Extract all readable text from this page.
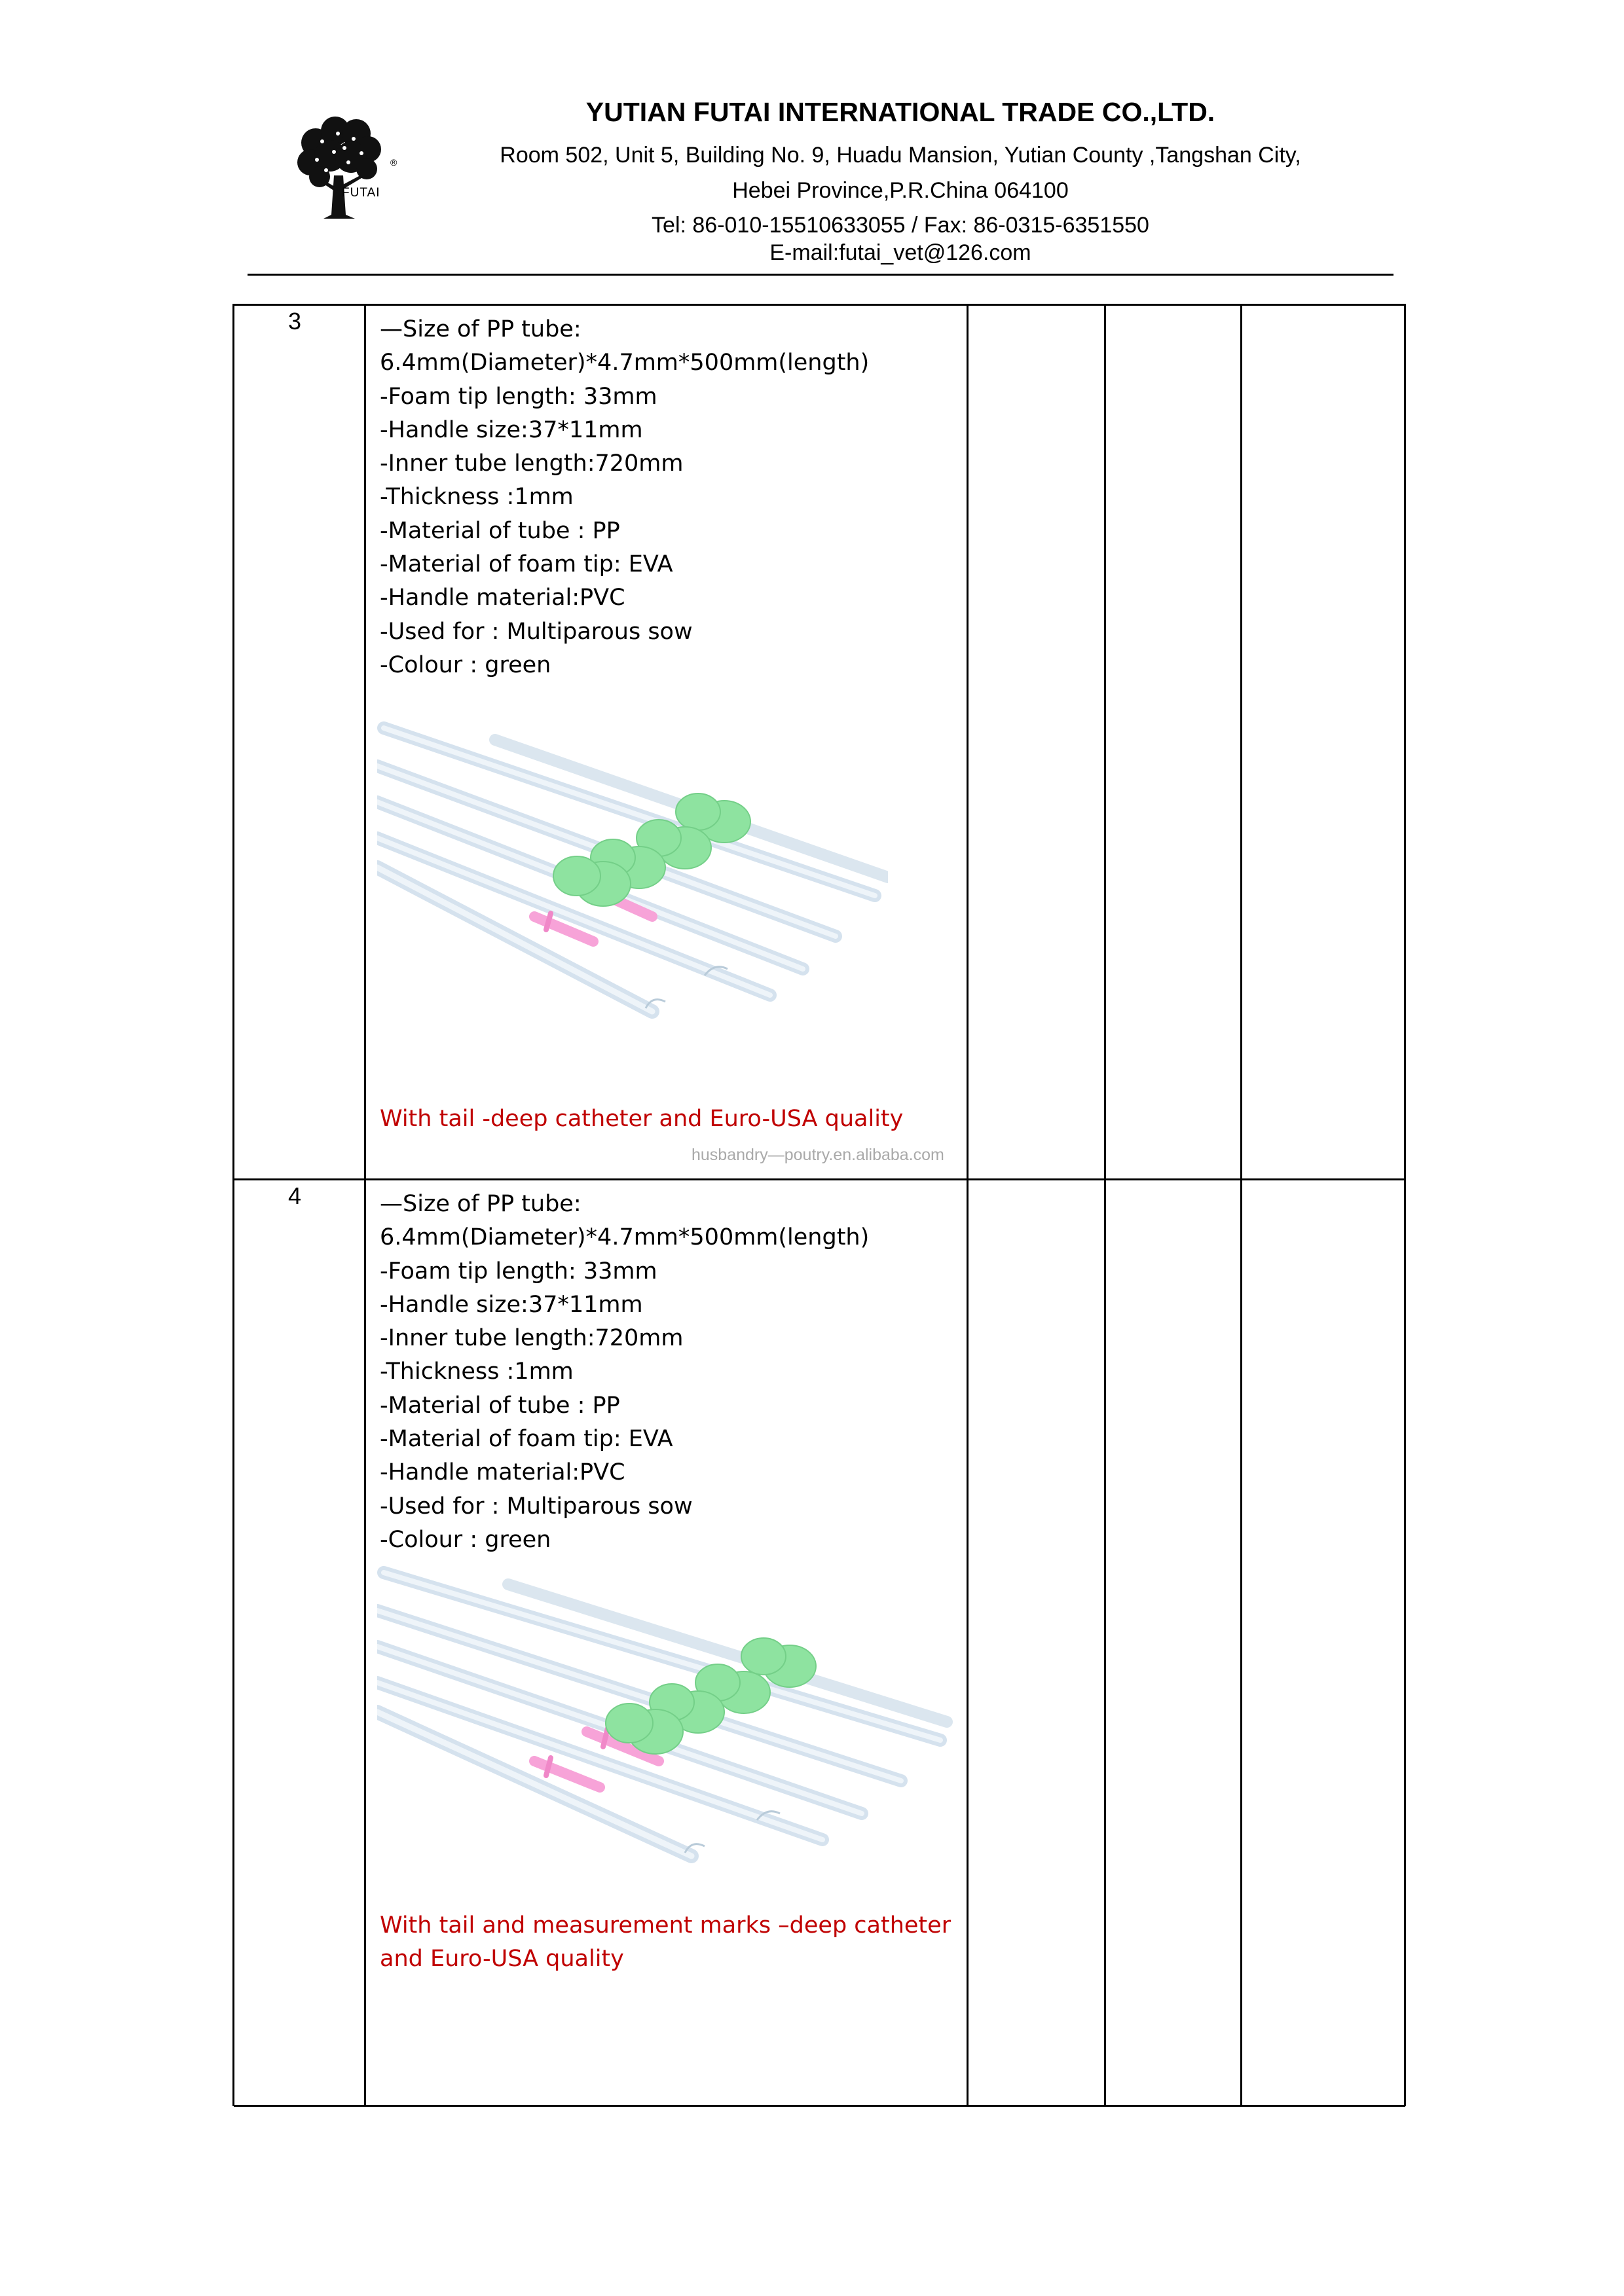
®
FUTAI
YUTIAN FUTAI INTERNATIONAL TRADE CO.,LTD.
Room 502, Unit 5, Building No. 9, Huadu Mansion, Yutian County ,Tangshan City,
Hebei Province,P.R.China 064100
Tel: 86-010-15510633055 / Fax: 86-0315-6351550
E-mail:futai_vet@126.com
3	—Size of PP tube:
6.4mm(Diameter)*4.7mm*500mm(length)
-Foam tip length: 33mm
-Handle size:37*11mm
-Inner tube length:720mm
-Thickness :1mm
-Material of tube : PP
-Material of foam tip: EVA
-Handle material:PVC
-Used for : Multiparous sow
-Colour : green
With tail -deep catheter and Euro-USA quality
husbandry—poutry.en.alibaba.com
4	—Size of PP tube:
6.4mm(Diameter)*4.7mm*500mm(length)
-Foam tip length: 33mm
-Handle size:37*11mm
-Inner tube length:720mm
-Thickness :1mm
-Material of tube : PP
-Material of foam tip: EVA
-Handle material:PVC
-Used for : Multiparous sow
-Colour : green
With tail and measurement marks –deep catheter
and Euro-USA quality
